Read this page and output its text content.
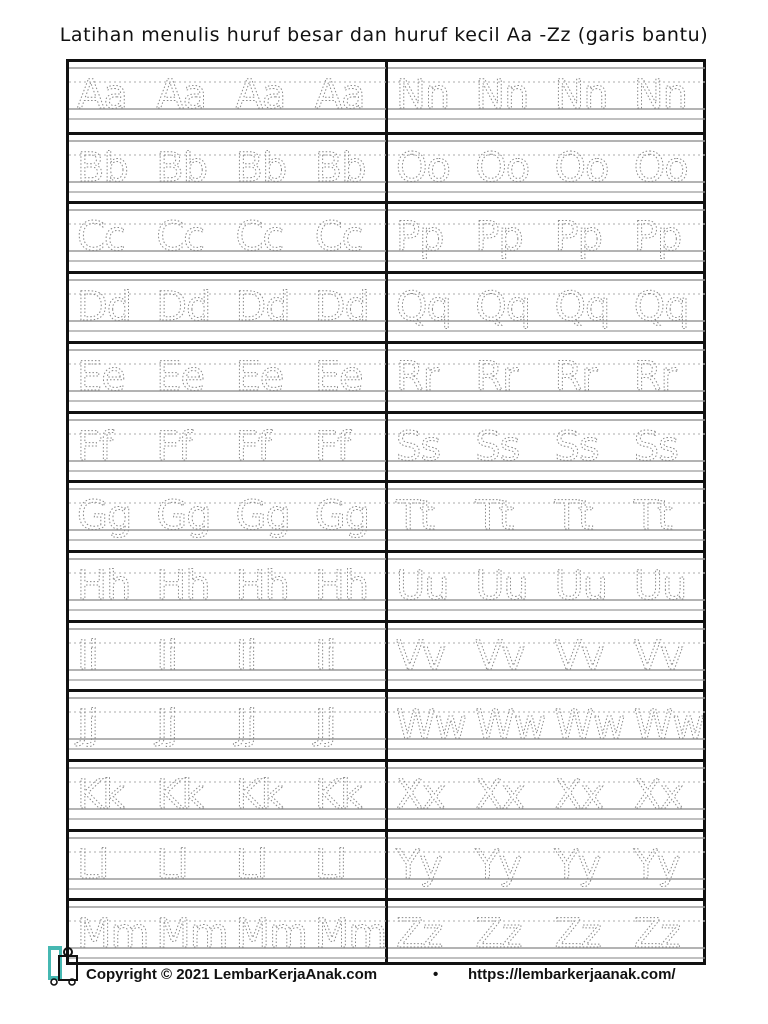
Latihan menulis huruf besar dan huruf kecil Aa -Zz (garis bantu)
Aa Aa Aa Aa
Bb Bb Bb Bb
Cc Cc Cc Cc
Dd Dd Dd Dd
Ee Ee Ee Ee
Ff Ff Ff Ff
Gg Gg Gg Gg
Hh Hh Hh Hh
Ii Ii Ii Ii
Jj Jj Jj Jj
Kk Kk Kk Kk
Ll Ll Ll Ll
Mm Mm Mm Mm
Nn Nn Nn Nn
Oo Oo Oo Oo
Pp Pp Pp Pp
Qq Qq Qq Qq
Rr Rr Rr Rr
Ss Ss Ss Ss
Tt Tt Tt Tt
Uu Uu Uu Uu
Vv Vv Vv Vv
Ww Ww Ww Ww
Xx Xx Xx Xx
Yy Yy Yy Yy
Zz Zz Zz Zz
Copyright © 2021 LembarKerjaAnak.com	• https://lembarkerjaanak.com/
